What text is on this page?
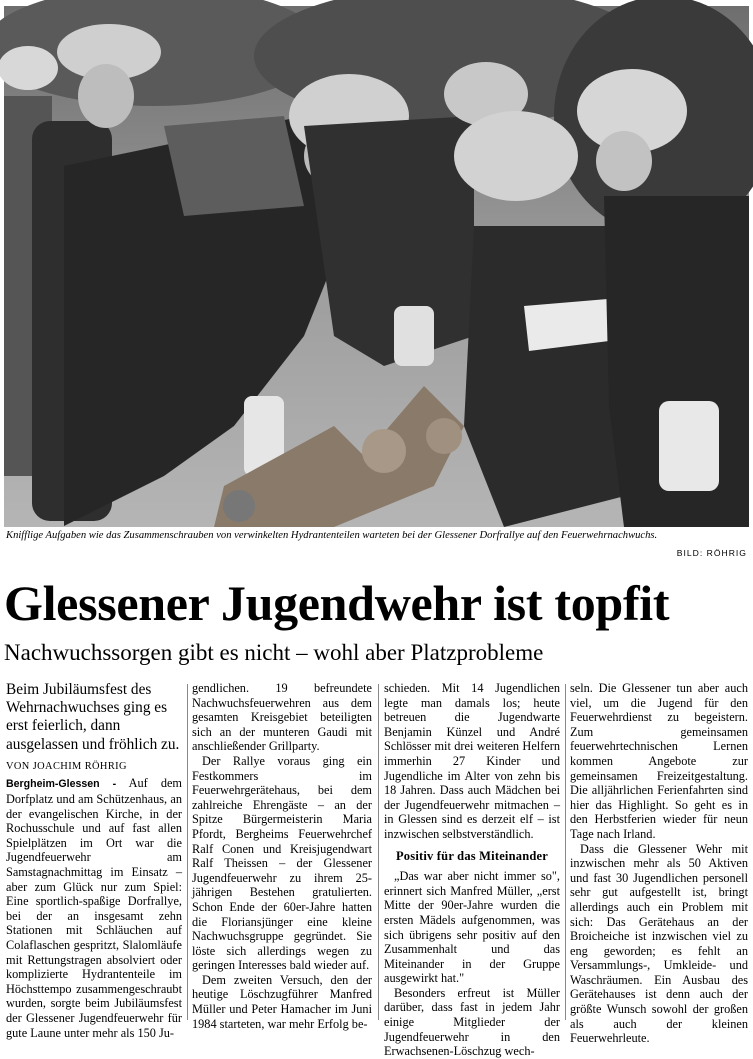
Knifflige Aufgaben wie das Zusammenschrauben von verwinkelten Hydrantenteilen warteten bei der Glessener Dorfrallye auf den Feuerwehrnachwuchs.
BILD: RÖHRIG
Glessener Jugendwehr ist topfit
Nachwuchssorgen gibt es nicht – wohl aber Platzprobleme

Beim Jubiläumsfest des Wehrnachwuchses ging es erst feierlich, dann ausgelassen und fröhlich zu.

VON JOACHIM RÖHRIG

Bergheim-Glessen - Auf dem Dorfplatz und am Schützenhaus, an der evangelischen Kirche, in der Rochusschule und auf fast allen Spielplätzen im Ort war die Jugendfeuerwehr am Samstagnachmittag im Einsatz – aber zum Glück nur zum Spiel: Eine sportlich-spaßige Dorfrallye, bei der an insgesamt zehn Stationen mit Schläuchen auf Colaflaschen gespritzt, Slalomläufe mit Rettungstragen absolviert oder komplizierte Hydrantenteile im Höchsttempo zusammengeschraubt wurden, sorgte beim Jubiläumsfest der Glessener Jugendfeuerwehr für gute Laune unter mehr als 150 Ju-

gendlichen. 19 befreundete Nachwuchsfeuerwehren aus dem gesamten Kreisgebiet beteiligten sich an der munteren Gaudi mit anschließender Grillparty.

Der Rallye voraus ging ein Festkommers im Feuerwehrgerätehaus, bei dem zahlreiche Ehrengäste – an der Spitze Bürgermeisterin Maria Pfordt, Bergheims Feuerwehrchef Ralf Conen und Kreisjugendwart Ralf Theissen – der Glessener Jugendfeuerwehr zu ihrem 25-jährigen Bestehen gratulierten. Schon Ende der 60er-Jahre hatten die Floriansjünger eine kleine Nachwuchsgruppe gegründet. Sie löste sich allerdings wegen zu geringen Interesses bald wieder auf.

Dem zweiten Versuch, den der heutige Löschzugführer Manfred Müller und Peter Hamacher im Juni 1984 starteten, war mehr Erfolg be-

schieden. Mit 14 Jugendlichen legte man damals los; heute betreuen die Jugendwarte Benjamin Künzel und André Schlösser mit drei weiteren Helfern immerhin 27 Kinder und Jugendliche im Alter von zehn bis 18 Jahren. Dass auch Mädchen bei der Jugendfeuerwehr mitmachen – in Glessen sind es derzeit elf – ist inzwischen selbstverständlich.

Positiv für das Miteinander

„Das war aber nicht immer so", erinnert sich Manfred Müller, „erst Mitte der 90er-Jahre wurden die ersten Mädels aufgenommen, was sich übrigens sehr positiv auf den Zusammenhalt und das Miteinander in der Gruppe ausgewirkt hat."

Besonders erfreut ist Müller darüber, dass fast in jedem Jahr einige Mitglieder der Jugendfeuerwehr in den Erwachsenen-Löschzug wech-

seln. Die Glessener tun aber auch viel, um die Jugend für den Feuerwehrdienst zu begeistern. Zum gemeinsamen feuerwehrtechnischen Lernen kommen Angebote zur gemeinsamen Freizeitgestaltung. Die alljährlichen Ferienfahrten sind hier das Highlight. So geht es in den Herbstferien wieder für neun Tage nach Irland.

Dass die Glessener Wehr mit inzwischen mehr als 50 Aktiven und fast 30 Jugendlichen personell sehr gut aufgestellt ist, bringt allerdings auch ein Problem mit sich: Das Gerätehaus an der Broicheiche ist inzwischen viel zu eng geworden; es fehlt an Versammlungs-, Umkleide- und Waschräumen. Ein Ausbau des Gerätehauses ist denn auch der größte Wunsch sowohl der großen als auch der kleinen Feuerwehrleute.
